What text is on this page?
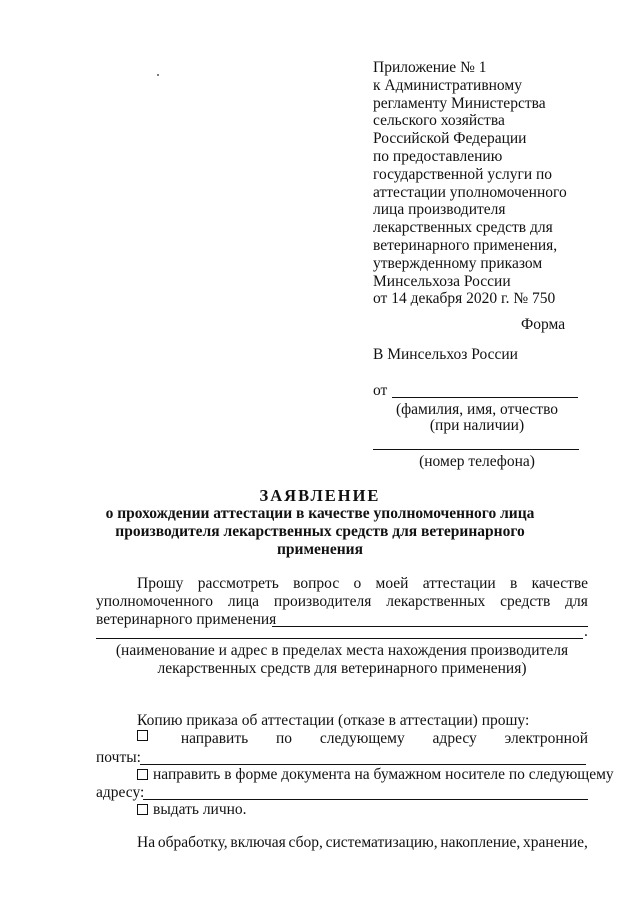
Приложение № 1
к Административному
регламенту Министерства
сельского хозяйства
Российской Федерации
по предоставлению
государственной услуги по
аттестации уполномоченного
лица производителя
лекарственных средств для
ветеринарного применения,
утвержденному приказом
Минсельхоза России
от 14 декабря 2020 г. № 750
Форма
В Минсельхоз России
от
(фамилия, имя, отчество
(при наличии)
(номер телефона)
ЗАЯВЛЕНИЕ
о прохождении аттестации в качестве уполномоченного лица
производителя лекарственных средств для ветеринарного
применения
Прошу рассмотреть вопрос о моей аттестации в качестве
уполномоченного лица производителя лекарственных средств для
ветеринарного применения
.
(наименование и адрес в пределах места нахождения производителя
лекарственных средств для ветеринарного применения)
Копию приказа об аттестации (отказе в аттестации) прошу:
направить по следующему адресу электронной
почты:
направить в форме документа на бумажном носителе по следующему
адресу:
выдать лично.
На обработку, включая сбор, систематизацию, накопление, хранение,
